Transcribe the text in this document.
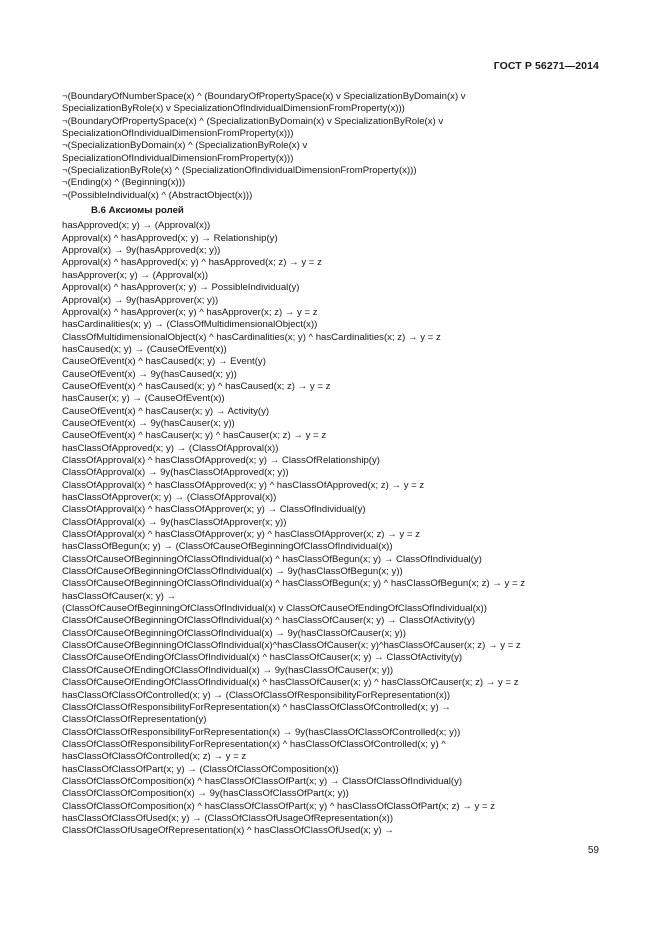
ГОСТ Р 56271—2014
¬(BoundaryOfNumberSpace(x) ^ (BoundaryOfPropertySpace(x) v SpecializationByDomain(x) v
SpecializationByRole(x) v SpecializationOfIndividualDimensionFromProperty(x)))
¬(BoundaryOfPropertySpace(x) ^ (SpecializationByDomain(x) v SpecializationByRole(x) v
SpecializationOfIndividualDimensionFromProperty(x)))
¬(SpecializationByDomain(x) ^ (SpecializationByRole(x) v
SpecializationOfIndividualDimensionFromProperty(x)))
¬(SpecializationByRole(x) ^ (SpecializationOfIndividualDimensionFromProperty(x)))
¬(Ending(x) ^ (Beginning(x)))
¬(PossibleIndividual(x) ^ (AbstractObject(x)))
В.6 Аксиомы ролей
hasApproved(x; y) → (Approval(x))
Approval(x) ^ hasApproved(x; y) → Relationship(y)
Approval(x) → 9y(hasApproved(x; y))
Approval(x) ^ hasApproved(x; y) ^ hasApproved(x; z) → y = z
hasApprover(x; y) → (Approval(x))
Approval(x) ^ hasApprover(x; y) → PossibleIndividual(y)
Approval(x) → 9y(hasApprover(x; y))
Approval(x) ^ hasApprover(x; y) ^ hasApprover(x; z) → y = z
hasCardinalities(x; y) → (ClassOfMultidimensionalObject(x))
ClassOfMultidimensionalObject(x) ^ hasCardinalities(x; y) ^ hasCardinalities(x; z) → y = z
hasCaused(x; y) → (CauseOfEvent(x))
CauseOfEvent(x) ^ hasCaused(x; y) → Event(y)
CauseOfEvent(x) → 9y(hasCaused(x; y))
CauseOfEvent(x) ^ hasCaused(x; y) ^ hasCaused(x; z) → y = z
hasCauser(x; y) → (CauseOfEvent(x))
CauseOfEvent(x) ^ hasCauser(x; y) → Activity(y)
CauseOfEvent(x) → 9y(hasCauser(x; y))
CauseOfEvent(x) ^ hasCauser(x; y) ^ hasCauser(x; z) → y = z
hasClassOfApproved(x; y) → (ClassOfApproval(x))
ClassOfApproval(x) ^ hasClassOfApproved(x; y) → ClassOfRelationship(y)
ClassOfApproval(x) → 9y(hasClassOfApproved(x; y))
ClassOfApproval(x) ^ hasClassOfApproved(x; y) ^ hasClassOfApproved(x; z) → y = z
hasClassOfApprover(x; y) → (ClassOfApproval(x))
ClassOfApproval(x) ^ hasClassOfApprover(x; y) → ClassOfIndividual(y)
ClassOfApproval(x) → 9y(hasClassOfApprover(x; y))
ClassOfApproval(x) ^ hasClassOfApprover(x; y) ^ hasClassOfApprover(x; z) → y = z
hasClassOfBegun(x; y) → (ClassOfCauseOfBeginningOfClassOfIndividual(x))
ClassOfCauseOfBeginningOfClassOfIndividual(x) ^ hasClassOfBegun(x; y) → ClassOfIndividual(y)
ClassOfCauseOfBeginningOfClassOfIndividual(x) → 9y(hasClassOfBegun(x; y))
ClassOfCauseOfBeginningOfClassOfIndividual(x) ^ hasClassOfBegun(x; y) ^ hasClassOfBegun(x; z) → y = z
hasClassOfCauser(x; y) →
(ClassOfCauseOfBeginningOfClassOfIndividual(x) v ClassOfCauseOfEndingOfClassOfIndividual(x))
ClassOfCauseOfBeginningOfClassOfIndividual(x) ^ hasClassOfCauser(x; y) → ClassOfActivity(y)
ClassOfCauseOfBeginningOfClassOfIndividual(x) → 9y(hasClassOfCauser(x; y))
ClassOfCauseOfBeginningOfClassOfIndividual(x)^hasClassOfCauser(x; y)^hasClassOfCauser(x; z) → y = z
ClassOfCauseOfEndingOfClassOfIndividual(x) ^ hasClassOfCauser(x; y) → ClassOfActivity(y)
ClassOfCauseOfEndingOfClassOfIndividual(x) → 9y(hasClassOfCauser(x; y))
ClassOfCauseOfEndingOfClassOfIndividual(x) ^ hasClassOfCauser(x; y) ^ hasClassOfCauser(x; z) → y = z
hasClassOfClassOfControlled(x; y) → (ClassOfClassOfResponsibilityForRepresentation(x))
ClassOfClassOfResponsibilityForRepresentation(x) ^ hasClassOfClassOfControlled(x; y) →
ClassOfClassOfRepresentation(y)
ClassOfClassOfResponsibilityForRepresentation(x) → 9y(hasClassOfClassOfControlled(x; y))
ClassOfClassOfResponsibilityForRepresentation(x) ^ hasClassOfClassOfControlled(x; y) ^
hasClassOfClassOfControlled(x; z) → y = z
hasClassOfClassOfPart(x; y) → (ClassOfClassOfComposition(x))
ClassOfClassOfComposition(x) ^ hasClassOfClassOfPart(x; y) → ClassOfClassOfIndividual(y)
ClassOfClassOfComposition(x) → 9y(hasClassOfClassOfPart(x; y))
ClassOfClassOfComposition(x) ^ hasClassOfClassOfPart(x; y) ^ hasClassOfClassOfPart(x; z) → y = z
hasClassOfClassOfUsed(x; y) → (ClassOfClassOfUsageOfRepresentation(x))
ClassOfClassOfUsageOfRepresentation(x) ^ hasClassOfClassOfUsed(x; y) →
59
